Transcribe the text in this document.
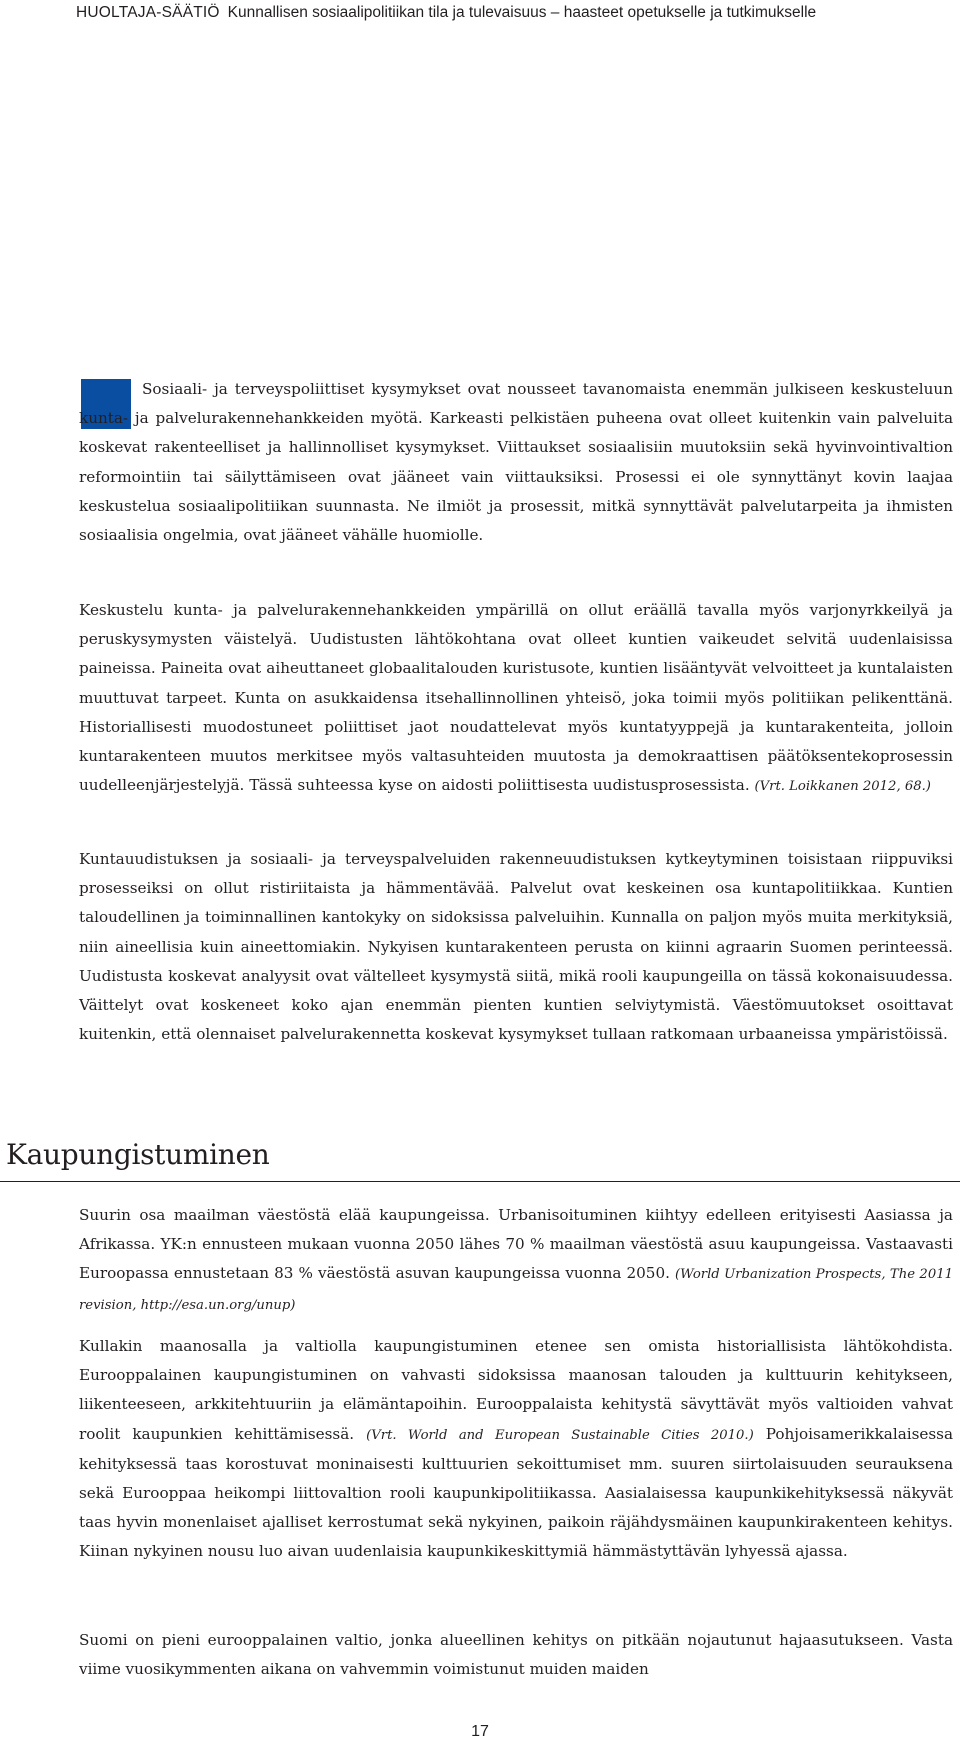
HUOLTAJA-SÄÄTIÖ Kunnallisen sosiaalipolitiikan tila ja tulevaisuus – haasteet opetukselle ja tutkimukselle

Sosiaali- ja terveyspoliittiset kysymykset ovat nousseet tavanomaista enemmän julkiseen keskusteluun kunta- ja palvelurakennehankkeiden myötä. Karkeasti pelkistäen puheena ovat olleet kuitenkin vain palveluita koskevat rakenteelliset ja hallinnolliset kysymykset. Viittaukset sosiaalisiin muutoksiin sekä hyvinvointivaltion reformointiin tai säilyttämiseen ovat jääneet vain viittauksiksi. Prosessi ei ole synnyttänyt kovin laajaa keskustelua sosiaalipolitiikan suunnasta. Ne ilmiöt ja prosessit, mitkä synnyttävät palvelutarpeita ja ihmisten sosiaalisia ongelmia, ovat jääneet vähälle huomiolle.

Keskustelu kunta- ja palvelurakennehankkeiden ympärillä on ollut eräällä tavalla myös varjonyrkkeilyä ja peruskysymysten väistelyä. Uudistusten lähtökohtana ovat olleet kuntien vaikeudet selvitä uudenlaisissa paineissa. Paineita ovat aiheuttaneet globaalitalouden kuristusote, kuntien lisääntyvät velvoitteet ja kuntalaisten muuttuvat tarpeet. Kunta on asukkaidensa itsehallinnollinen yhteisö, joka toimii myös politiikan pelikenttänä. Historiallisesti muodostuneet poliittiset jaot noudattelevat myös kuntatyyppejä ja kuntarakenteita, jolloin kuntarakenteen muutos merkitsee myös valtasuhteiden muutosta ja demokraattisen päätöksentekoprosessin uudelleenjärjestelyjä. Tässä suhteessa kyse on aidosti poliittisesta uudistusprosessista. (Vrt. Loikkanen 2012, 68.)

Kuntauudistuksen ja sosiaali- ja terveyspalveluiden rakenneuudistuksen kytkeytyminen toisistaan riippuviksi prosesseiksi on ollut ristiriitaista ja hämmentävää. Palvelut ovat keskeinen osa kuntapolitiikkaa. Kuntien taloudellinen ja toiminnallinen kantokyky on sidoksissa palveluihin. Kunnalla on paljon myös muita merkityksiä, niin aineellisia kuin aineettomiakin. Nykyisen kuntarakenteen perusta on kiinni agraarin Suomen perinteessä. Uudistusta koskevat analyysit ovat vältelleet kysymystä siitä, mikä rooli kaupungeilla on tässä kokonaisuudessa. Väittelyt ovat koskeneet koko ajan enemmän pienten kuntien selviytymistä. Väestömuutokset osoittavat kuitenkin, että olennaiset palvelurakennetta koskevat kysymykset tullaan ratkomaan urbaaneissa ympäristöissä.

Kaupungistuminen

Suurin osa maailman väestöstä elää kaupungeissa. Urbanisoituminen kiihtyy edelleen erityisesti Aasiassa ja Afrikassa. YK:n ennusteen mukaan vuonna 2050 lähes 70 % maailman väestöstä asuu kaupungeissa. Vastaavasti Euroopassa ennustetaan 83 % väestöstä asuvan kaupungeissa vuonna 2050. (World Urbanization Prospects, The 2011 revision, http://esa.un.org/unup)

Kullakin maanosalla ja valtiolla kaupungistuminen etenee sen omista historiallisista lähtökohdista. Eurooppalainen kaupungistuminen on vahvasti sidoksissa maanosan talouden ja kulttuurin kehitykseen, liikenteeseen, arkkitehtuuriin ja elämäntapoihin. Eurooppalaista kehitystä sävyttävät myös valtioiden vahvat roolit kaupunkien kehittämisessä. (Vrt. World and European Sustainable Cities 2010.) Pohjoisamerikkalaisessa kehityksessä taas korostuvat moninaisesti kulttuurien sekoittumiset mm. suuren siirtolaisuuden seurauksena sekä Eurooppaa heikompi liittovaltion rooli kaupunkipolitiikassa. Aasialaisessa kaupunkikehityksessä näkyvät taas hyvin monenlaiset ajalliset kerrostumat sekä nykyinen, paikoin räjähdysmäinen kaupunkirakenteen kehitys. Kiinan nykyinen nousu luo aivan uudenlaisia kaupunkikeskittymiä hämmästyttävän lyhyessä ajassa.

Suomi on pieni eurooppalainen valtio, jonka alueellinen kehitys on pitkään nojautunut hajaasutukseen. Vasta viime vuosikymmenten aikana on vahvemmin voimistunut muiden maiden

17
